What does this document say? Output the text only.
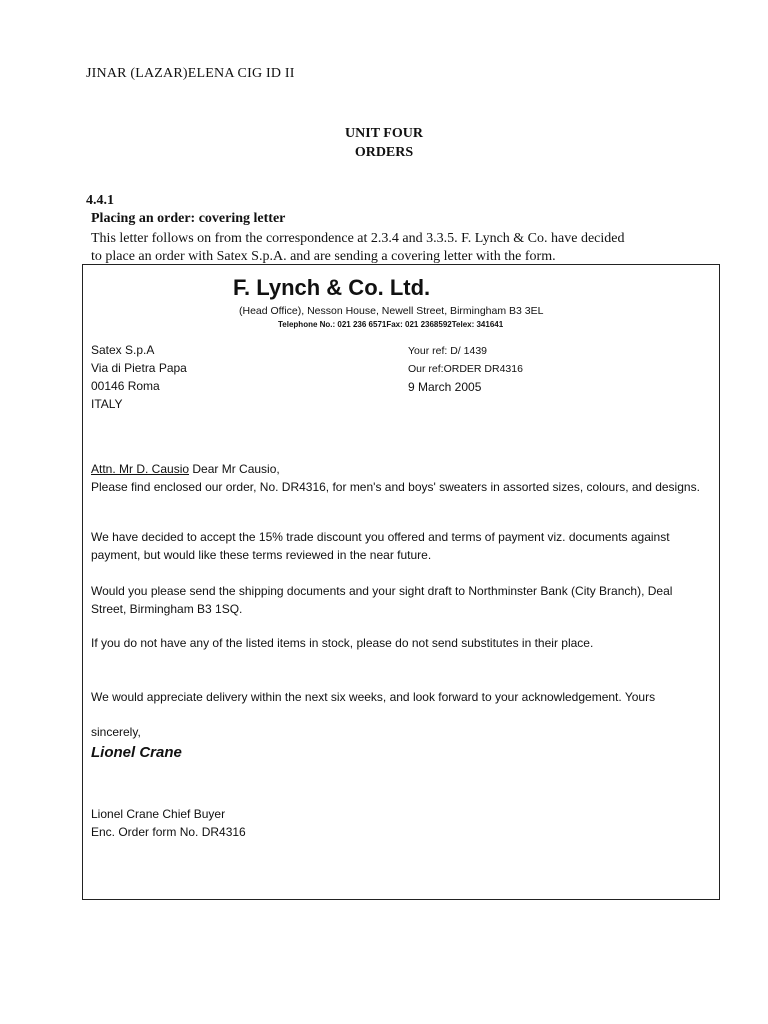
JINAR (LAZAR)ELENA CIG ID II
UNIT FOUR
ORDERS
4.4.1
Placing an order: covering letter
This letter follows on from the correspondence at 2.3.4 and 3.3.5. F. Lynch & Co. have decided
to place an order with Satex S.p.A. and are sending a covering letter with the form.
F. Lynch & Co. Ltd.
(Head Office), Nesson House, Newell Street, Birmingham B3 3EL
Telephone No.: 021 236 6571Fax: 021 2368592Telex: 341641
Satex S.p.A
Via di Pietra Papa
00146 Roma
ITALY
Your ref: D/ 1439
Our ref:ORDER DR4316
9 March 2005
Attn. Mr D. Causio Dear Mr Causio,
Please find enclosed our order, No. DR4316, for men's and boys' sweaters in assorted sizes, colours, and designs.
We have decided to accept the 15% trade discount you offered and terms of payment viz. documents against payment, but would like these terms reviewed in the near future.
Would you please send the shipping documents and your sight draft to Northminster Bank (City Branch), Deal Street, Birmingham B3 1SQ.
If you do not have any of the listed items in stock, please do not send substitutes in their place.
We would appreciate delivery within the next six weeks, and look forward to your acknowledgement. Yours
sincerely,
Lionel Crane
Lionel Crane Chief Buyer
Enc. Order form No. DR4316
